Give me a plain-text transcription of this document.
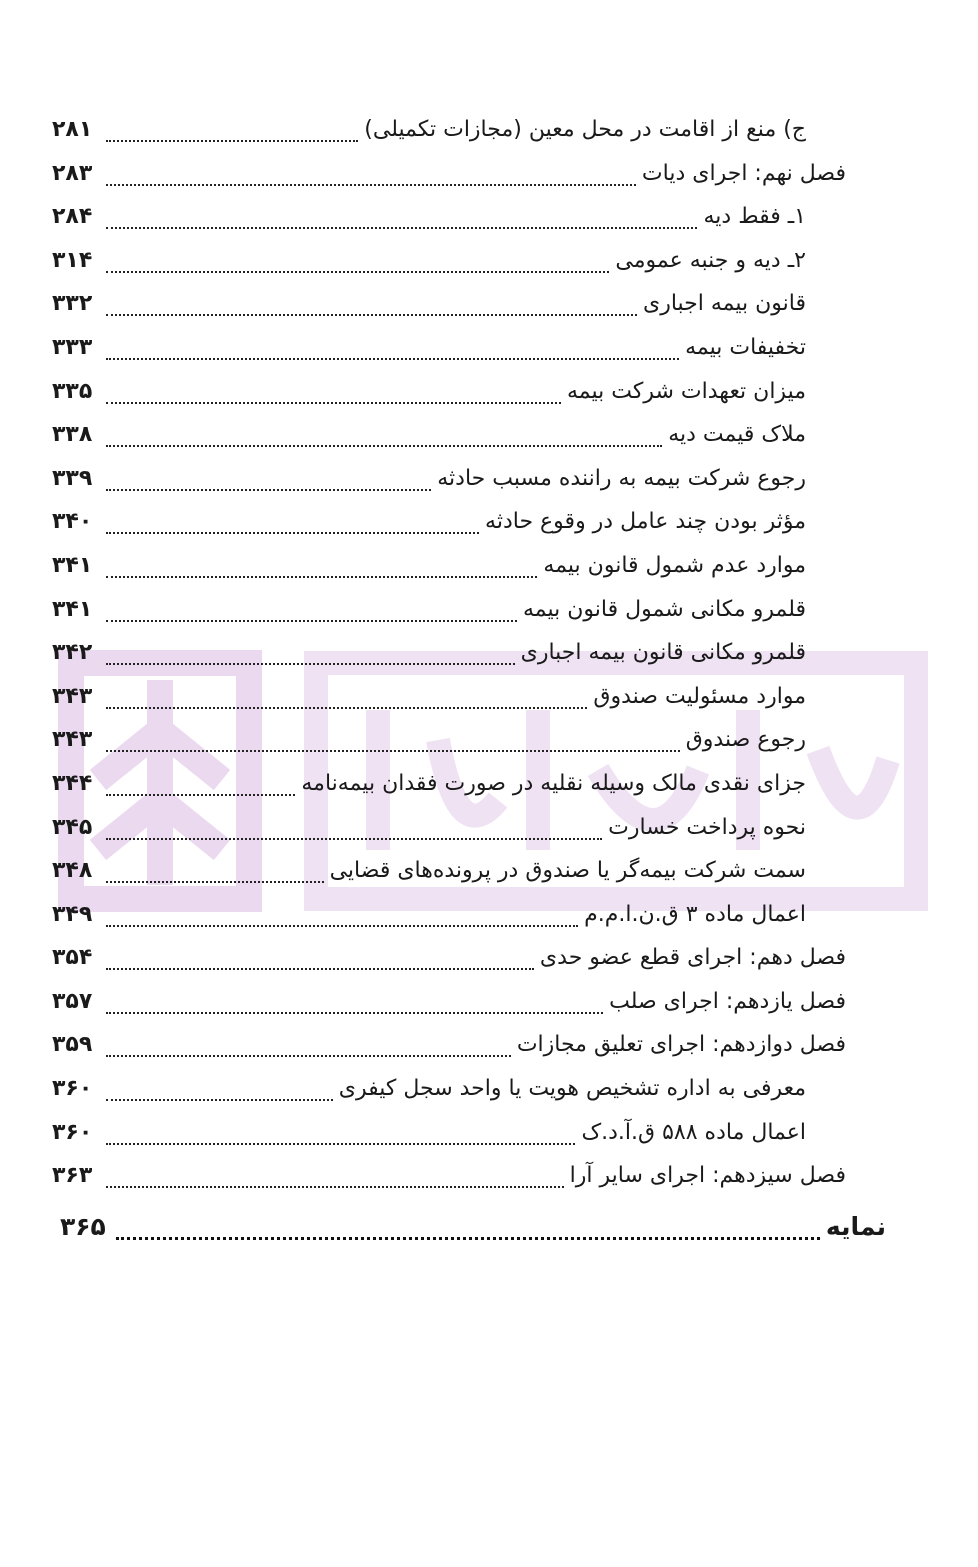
ج) منع از اقامت در محل معین (مجازات تکمیلی)
۲۸۱
فصل نهم: اجرای دیات
۲۸۳
۱ـ فقط دیه
۲۸۴
۲ـ دیه و جنبه عمومی
۳۱۴
قانون بیمه اجباری
۳۳۲
تخفیفات بیمه
۳۳۳
میزان تعهدات شرکت بیمه
۳۳۵
ملاک قیمت دیه
۳۳۸
رجوع شرکت بیمه به راننده مسبب حادثه
۳۳۹
مؤثر بودن چند عامل در وقوع حادثه
۳۴۰
موارد عدم شمول قانون بیمه
۳۴۱
قلمرو مکانی شمول قانون بیمه
۳۴۱
قلمرو مکانی قانون بیمه اجباری
۳۴۲
موارد مسئولیت صندوق
۳۴۳
رجوع صندوق
۳۴۳
جزای نقدی مالک وسیله نقلیه در صورت فقدان بیمه‌نامه
۳۴۴
نحوه پرداخت خسارت
۳۴۵
سمت شرکت بیمه‌گر یا صندوق در پرونده‌های قضایی
۳۴۸
اعمال ماده ۳ ق.ن.ا.م.م
۳۴۹
فصل دهم: اجرای قطع عضو حدی
۳۵۴
فصل یازدهم: اجرای صلب
۳۵۷
فصل دوازدهم: اجرای تعلیق مجازات
۳۵۹
معرفی به اداره تشخیص هویت یا واحد سجل کیفری
۳۶۰
اعمال ماده ۵۸۸ ق.آ.د.ک
۳۶۰
فصل سیزدهم: اجرای سایر آرا
۳۶۳
نمایه
۳۶۵
